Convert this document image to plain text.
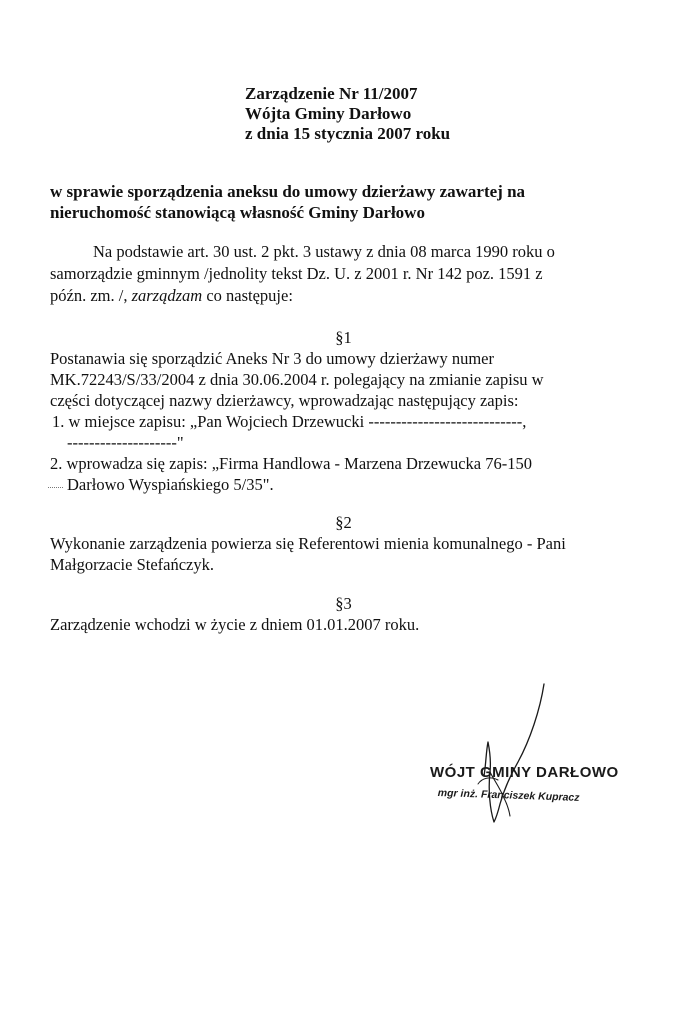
Zarządzenie Nr 11/2007
Wójta Gminy Darłowo
z dnia 15 stycznia 2007 roku
w sprawie sporządzenia aneksu do umowy dzierżawy zawartej na
nieruchomość stanowiącą własność Gminy Darłowo
Na podstawie art. 30 ust. 2 pkt. 3 ustawy z dnia 08 marca 1990 roku o
samorządzie gminnym /jednolity tekst Dz. U. z 2001 r. Nr 142 poz. 1591 z
późn. zm. /, zarządzam co następuje:
§1
Postanawia się sporządzić Aneks Nr 3 do umowy dzierżawy numer
MK.72243/S/33/2004 z dnia 30.06.2004 r. polegający na zmianie zapisu w
części dotyczącej nazwy dzierżawcy, wprowadzając następujący zapis:
1. w miejsce zapisu: „Pan Wojciech Drzewucki ----------------------------,
--------------------"
2. wprowadza się zapis: „Firma Handlowa - Marzena Drzewucka 76-150
Darłowo Wyspiańskiego 5/35".
§2
Wykonanie zarządzenia powierza się Referentowi mienia komunalnego - Pani
Małgorzacie Stefańczyk.
§3
Zarządzenie wchodzi w życie z dniem 01.01.2007 roku.
WÓJT GMINY DARŁOWO
mgr inż. Franciszek Kupracz
